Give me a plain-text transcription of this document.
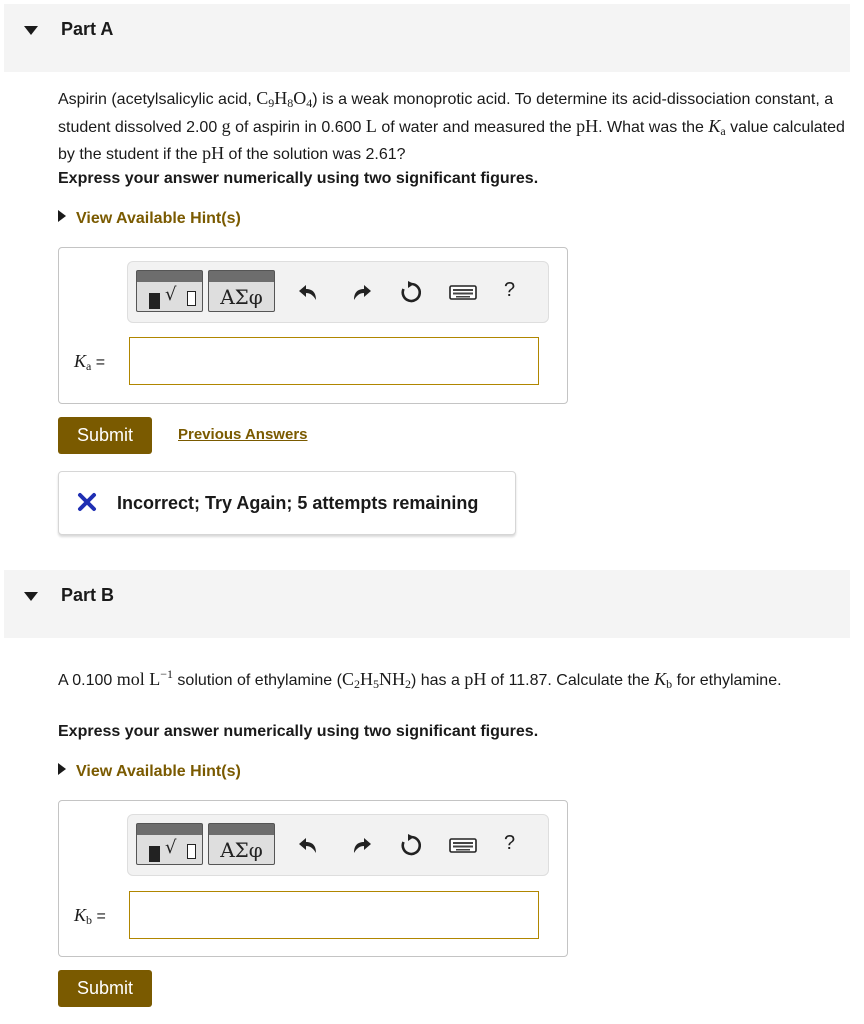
Part A
Aspirin (acetylsalicylic acid, $C_9H_8O_4$) is a weak monoprotic acid. To determine its acid-dissociation constant, a student dissolved 2.00 g of aspirin in 0.600 L of water and measured the pH. What was the $K_a$ value calculated by the student if the pH of the solution was 2.61?
Express your answer numerically using two significant figures.
View Available Hint(s)
√	ΑΣφ	?
$K_a$ =
Submit	Previous Answers
Incorrect; Try Again; 5 attempts remaining
Part B
A 0.100 mol $L^{-1}$ solution of ethylamine $(C_2H_5NH_2)$ has a pH of 11.87. Calculate the $K_b$ for ethylamine.
Express your answer numerically using two significant figures.
View Available Hint(s)
√	ΑΣφ	?
$K_b$ =
Submit
